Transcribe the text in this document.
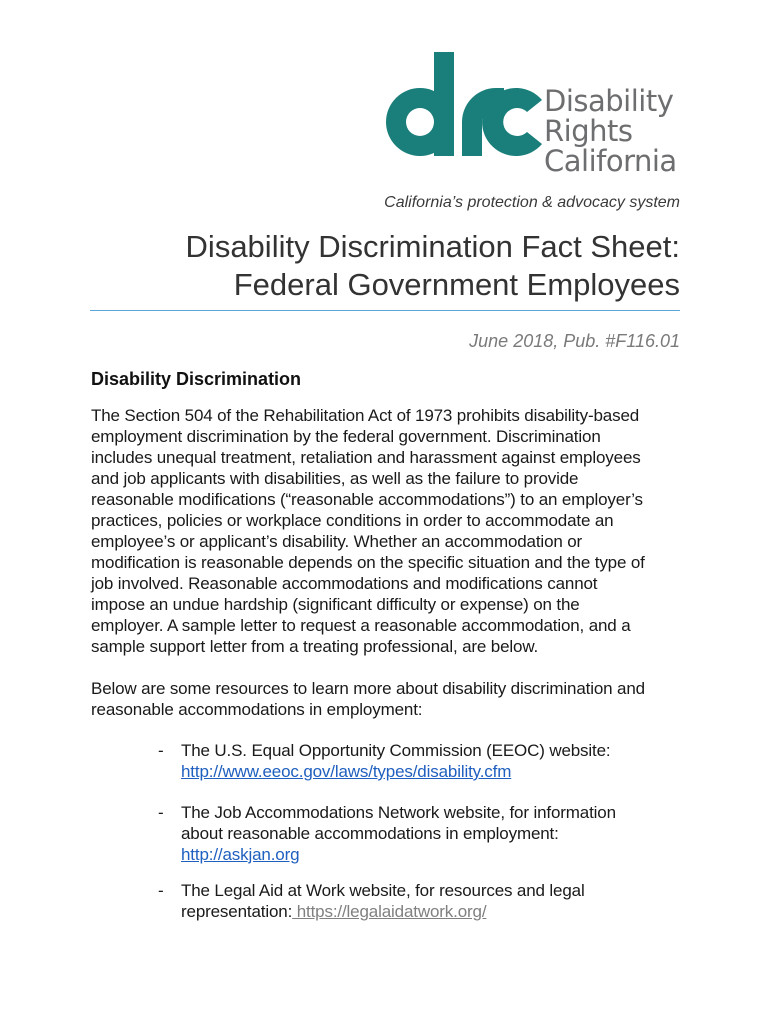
Disability
Rights
California
California’s protection & advocacy system
Disability Discrimination Fact Sheet:
Federal Government Employees
June 2018, Pub. #F116.01
Disability Discrimination

The Section 504 of the Rehabilitation Act of 1973 prohibits disability-based
employment discrimination by the federal government. Discrimination
includes unequal treatment, retaliation and harassment against employees
and job applicants with disabilities, as well as the failure to provide
reasonable modifications (“reasonable accommodations”) to an employer’s
practices, policies or workplace conditions in order to accommodate an
employee’s or applicant’s disability. Whether an accommodation or
modification is reasonable depends on the specific situation and the type of
job involved. Reasonable accommodations and modifications cannot
impose an undue hardship (significant difficulty or expense) on the
employer. A sample letter to request a reasonable accommodation, and a
sample support letter from a treating professional, are below.

Below are some resources to learn more about disability discrimination and
reasonable accommodations in employment:

- The U.S. Equal Opportunity Commission (EEOC) website:
http://www.eeoc.gov/laws/types/disability.cfm
- The Job Accommodations Network website, for information
about reasonable accommodations in employment:
http://askjan.org
- The Legal Aid at Work website, for resources and legal
representation: https://legalaidatwork.org/
